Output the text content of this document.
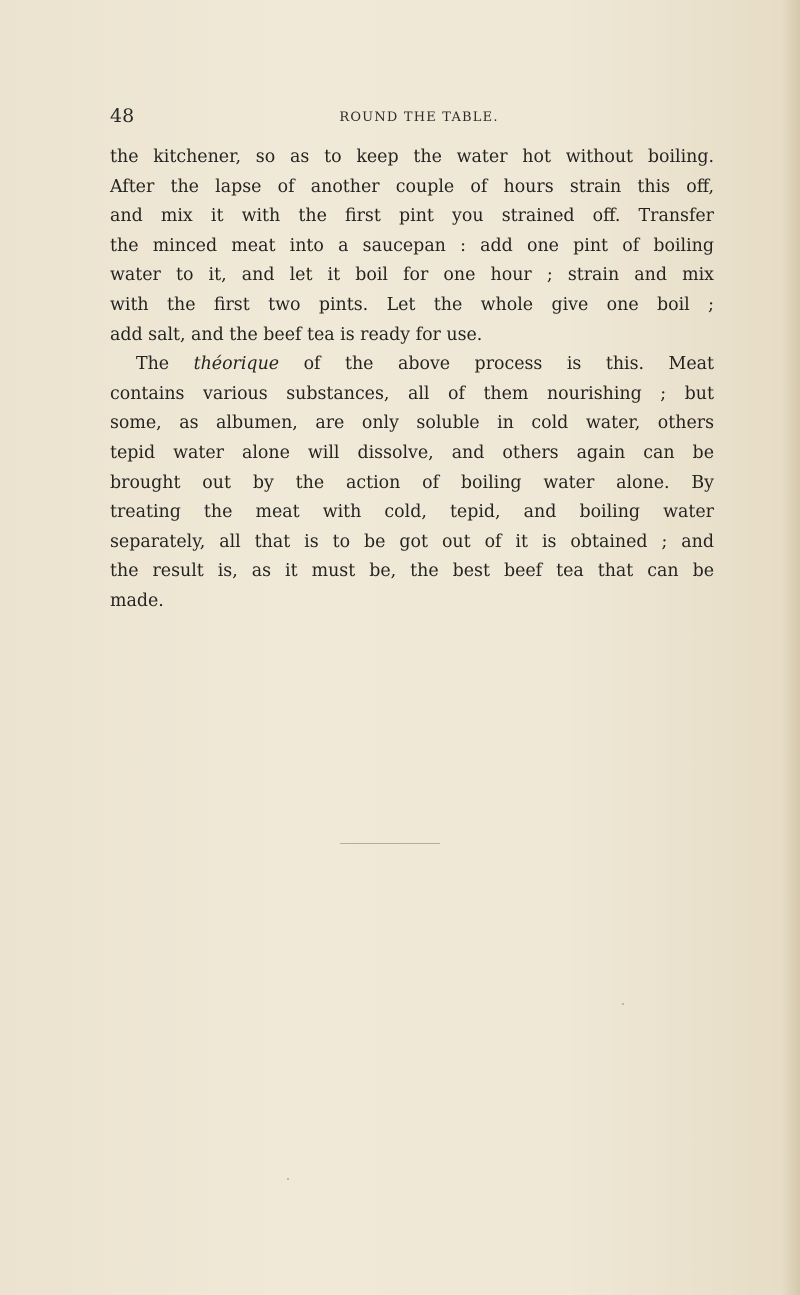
48	ROUND THE TABLE.
the kitchener, so as to keep the water hot without boiling.
After the lapse of another couple of hours strain this off,
and mix it with the first pint you strained off. Transfer
the minced meat into a saucepan : add one pint of boiling
water to it, and let it boil for one hour ; strain and mix
with the first two pints. Let the whole give one boil ;
add salt, and the beef tea is ready for use.
The théorique of the above process is this. Meat
contains various substances, all of them nourishing ; but
some, as albumen, are only soluble in cold water, others
tepid water alone will dissolve, and others again can be
brought out by the action of boiling water alone. By
treating the meat with cold, tepid, and boiling water
separately, all that is to be got out of it is obtained ; and
the result is, as it must be, the best beef tea that can be
made.
